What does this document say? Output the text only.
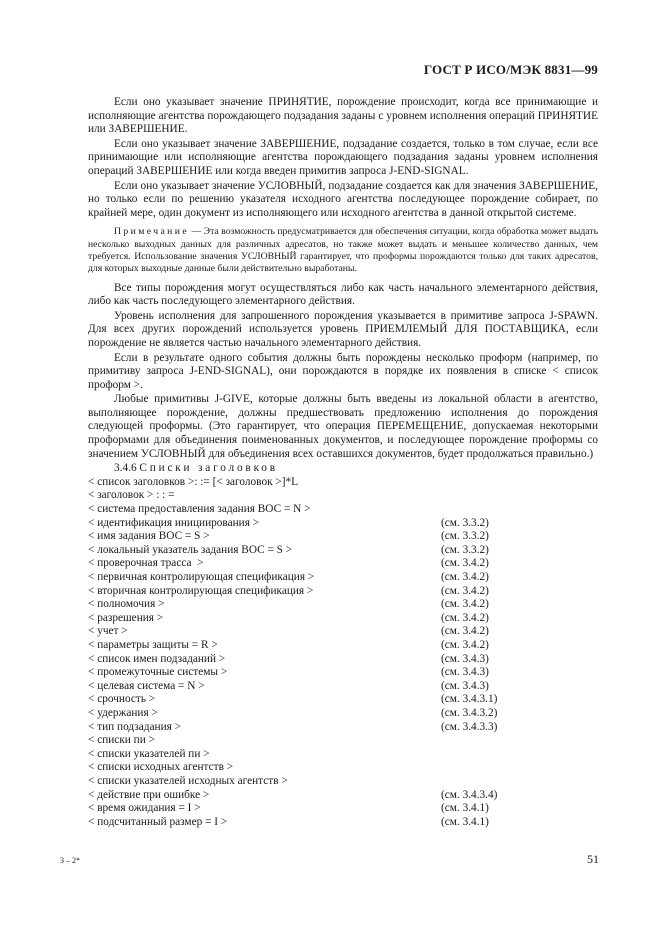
ГОСТ Р ИСО/МЭК 8831—99

Если оно указывает значение ПРИНЯТИЕ, порождение происходит, когда все принимающие и исполняющие агентства порождающего подзадания заданы с уровнем исполнения операций ПРИНЯТИЕ или ЗАВЕРШЕНИЕ.

Если оно указывает значение ЗАВЕРШЕНИЕ, подзадание создается, только в том случае, если все принимающие или исполняющие агентства порождающего подзадания заданы уровнем исполнения операций ЗАВЕРШЕНИЕ или когда введен примитив запроса J-END-SIGNAL.

Если оно указывает значение УСЛОВНЫЙ, подзадание создается как для значения ЗАВЕРШЕНИЕ, но только если по решению указателя исходного агентства последующее порождение собирает, по крайней мере, один документ из исполняющего или исходного агентства в данной открытой системе.

Примечание — Эта возможность предусматривается для обеспечения ситуации, когда обработка может выдать несколько выходных данных для различных адресатов, но также может выдать и меньшее количество данных, чем требуется. Использование значения УСЛОВНЫЙ гарантирует, что проформы порождаются только для таких адресатов, для которых выходные данные были действительно выработаны.

Все типы порождения могут осуществляться либо как часть начального элементарного действия, либо как часть последующего элементарного действия.

Уровень исполнения для запрошенного порождения указывается в примитиве запроса J-SPAWN. Для всех других порождений используется уровень ПРИЕМЛЕМЫЙ ДЛЯ ПОСТАВЩИКА, если порождение не является частью начального элементарного действия.

Если в результате одного события должны быть порождены несколько проформ (например, по примитиву запроса J-END-SIGNAL), они порождаются в порядке их появления в списке < список проформ >.

Любые примитивы J-GIVE, которые должны быть введены из локальной области в агентство, выполняющее порождение, должны предшествовать предложению исполнения до порождения следующей проформы. (Это гарантирует, что операция ПЕРЕМЕЩЕНИЕ, допускаемая некоторыми проформами для объединения поименованных документов, и последующее порождение проформы со значением УСЛОВНЫЙ для объединения всех оставшихся документов, будет продолжаться правильно.)

3.4.6 Списки заголовков

< список заголовков >: := [< заголовок >]*L

< заголовок > : : =

< система предоставления задания ВОС = N >
< идентификация инициирования >	(см. 3.3.2)
< имя задания ВОС = S >	(см. 3.3.2)
< локальный указатель задания ВОС = S >	(см. 3.3.2)
< проверочная трасса  >	(см. 3.4.2)
< первичная контролирующая спецификация >	(см. 3.4.2)
< вторичная контролирующая спецификация >	(см. 3.4.2)
< полномочия >	(см. 3.4.2)
< разрешения >	(см. 3.4.2)
< учет >	(см. 3.4.2)
< параметры защиты = R >	(см. 3.4.2)
< список имен подзаданий >	(см. 3.4.3)
< промежуточные системы >	(см. 3.4.3)
< целевая система = N >	(см. 3.4.3)
< срочность >	(см. 3.4.3.1)
< удержания >	(см. 3.4.3.2)
< тип подзадания >	(см. 3.4.3.3)
< списки пи >
< списки указателей пи >
< списки исходных агентств >
< списки указателей исходных агентств >
< действие при ошибке >	(см. 3.4.3.4)
< время ожидания = I >	(см. 3.4.1)
< подсчитанный размер = I >	(см. 3.4.1)
3 – 2*	51
